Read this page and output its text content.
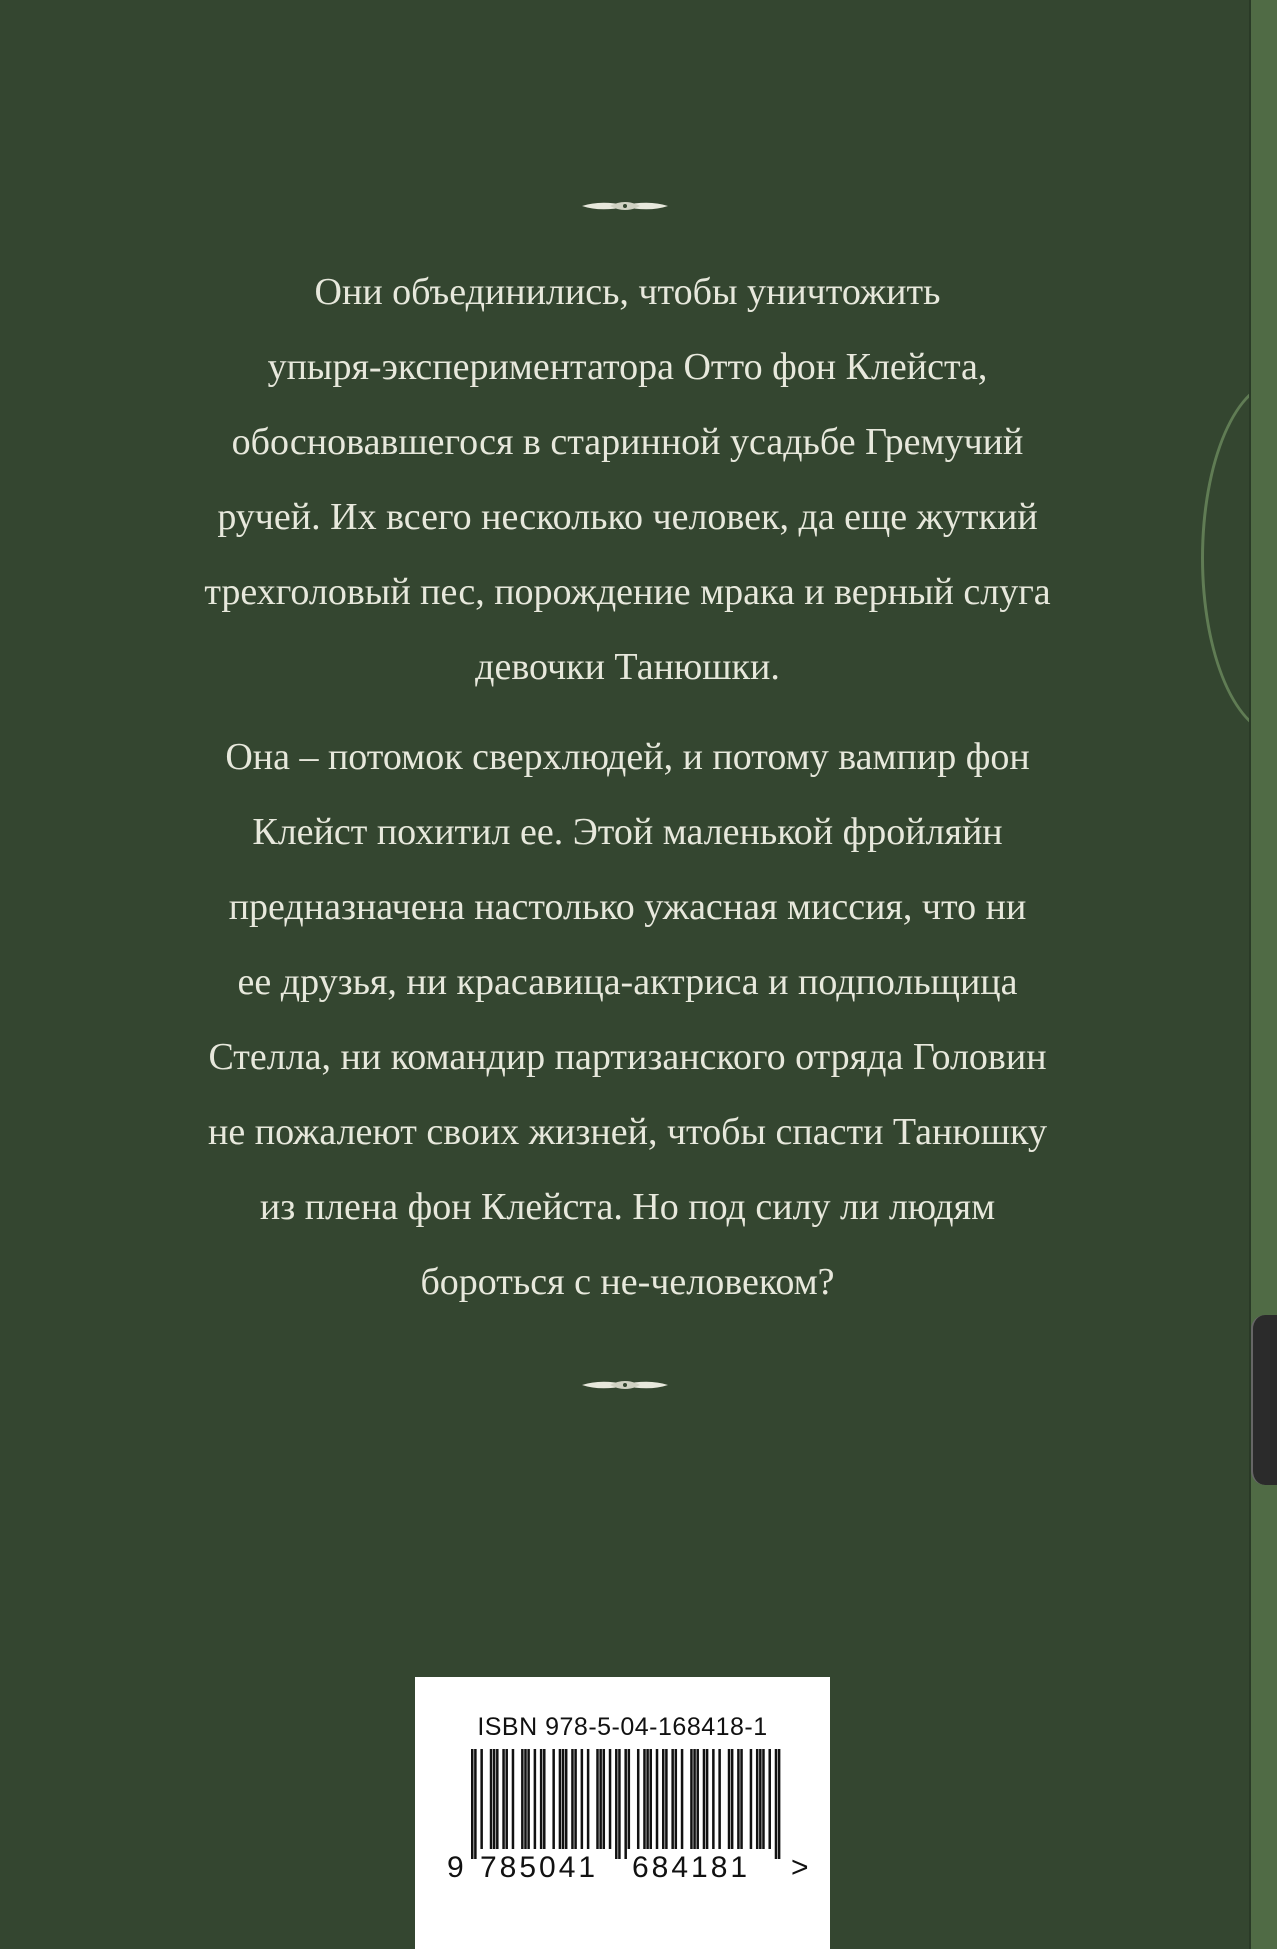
Они объединились, чтобы уничтожить
упыря-экспериментатора Отто фон Клейста,
обосновавшегося в старинной усадьбе Гремучий
ручей. Их всего несколько человек, да еще жуткий
трехголовый пес, порождение мрака и верный слуга
девочки Танюшки.
Она – потомок сверхлюдей, и потому вампир фон
Клейст похитил ее. Этой маленькой фройляйн
предназначена настолько ужасная миссия, что ни
ее друзья, ни красавица-актриса и подпольщица
Стелла, ни командир партизанского отряда Головин
не пожалеют своих жизней, чтобы спасти Танюшку
из плена фон Клейста. Но под силу ли людям
бороться с не-человеком?
ISBN 978-5-04-168418-1
9 785041 684181 >
